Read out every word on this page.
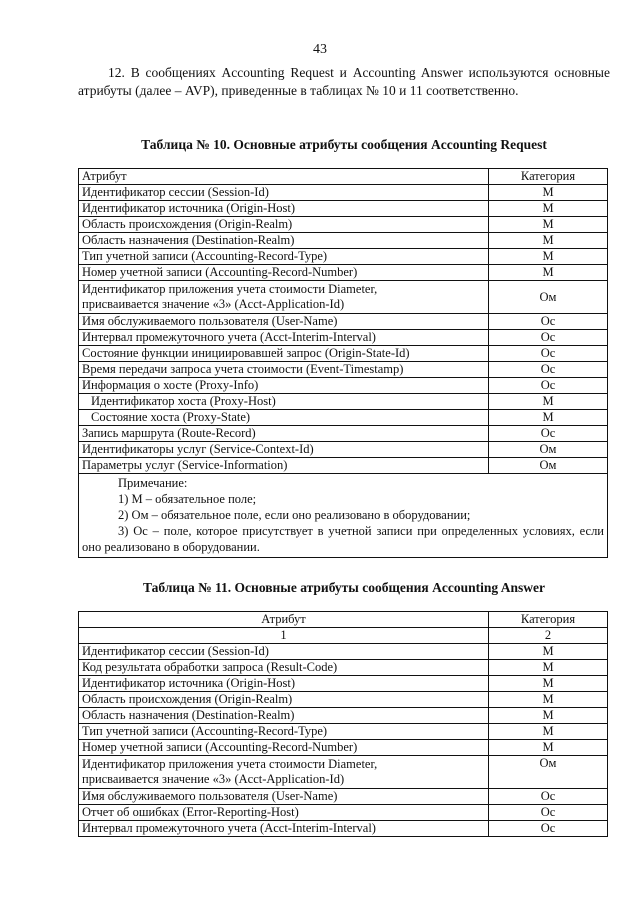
43
12. В сообщениях Accounting Request и Accounting Answer используются основные атрибуты (далее – AVP), приведенные в таблицах № 10 и 11 соответственно.
Таблица № 10. Основные атрибуты сообщения Accounting Request
Атрибут	Категория
Идентификатор сессии (Session-Id)	M
Идентификатор источника (Origin-Host)	M
Область происхождения (Origin-Realm)	M
Область назначения (Destination-Realm)	M
Тип учетной записи (Accounting-Record-Type)	M
Номер учетной записи (Accounting-Record-Number)	M

Идентификатор приложения учета стоимости Diameter,
присваивается значение «3» (Acct-Application-Id)	Ом
Имя обслуживаемого пользователя (User-Name)	Ос
Интервал промежуточного учета (Acct-Interim-Interval)	Ос
Состояние функции инициировавшей запрос (Origin-State-Id)	Ос
Время передачи запроса учета стоимости (Event-Timestamp)	Ос
Информация о хосте (Proxy-Info)	Ос
Идентификатор хоста (Proxy-Host)	M
Состояние хоста (Proxy-State)	M
Запись маршрута (Route-Record)	Ос
Идентификаторы услуг (Service-Context-Id)	Ом
Параметры услуг (Service-Information)	Ом

Примечание:
1) М – обязательное поле;
2) Ом – обязательное поле, если оно реализовано в оборудовании;
3) Ос – поле, которое присутствует в учетной записи при определенных условиях, если оно реализовано в оборудовании.	
Таблица № 11. Основные атрибуты сообщения Accounting Answer
Атрибут	Категория
1	2
Идентификатор сессии (Session-Id)	M
Код результата обработки запроса (Result-Code)	M
Идентификатор источника (Origin-Host)	M
Область происхождения (Origin-Realm)	M
Область назначения (Destination-Realm)	M
Тип учетной записи (Accounting-Record-Type)	M
Номер учетной записи (Accounting-Record-Number)	M

Идентификатор приложения учета стоимости Diameter,
присваивается значение «3» (Acct-Application-Id)	Ом
Имя обслуживаемого пользователя (User-Name)	Ос
Отчет об ошибках (Error-Reporting-Host)	Ос
Интервал промежуточного учета (Acct-Interim-Interval)	Ос
